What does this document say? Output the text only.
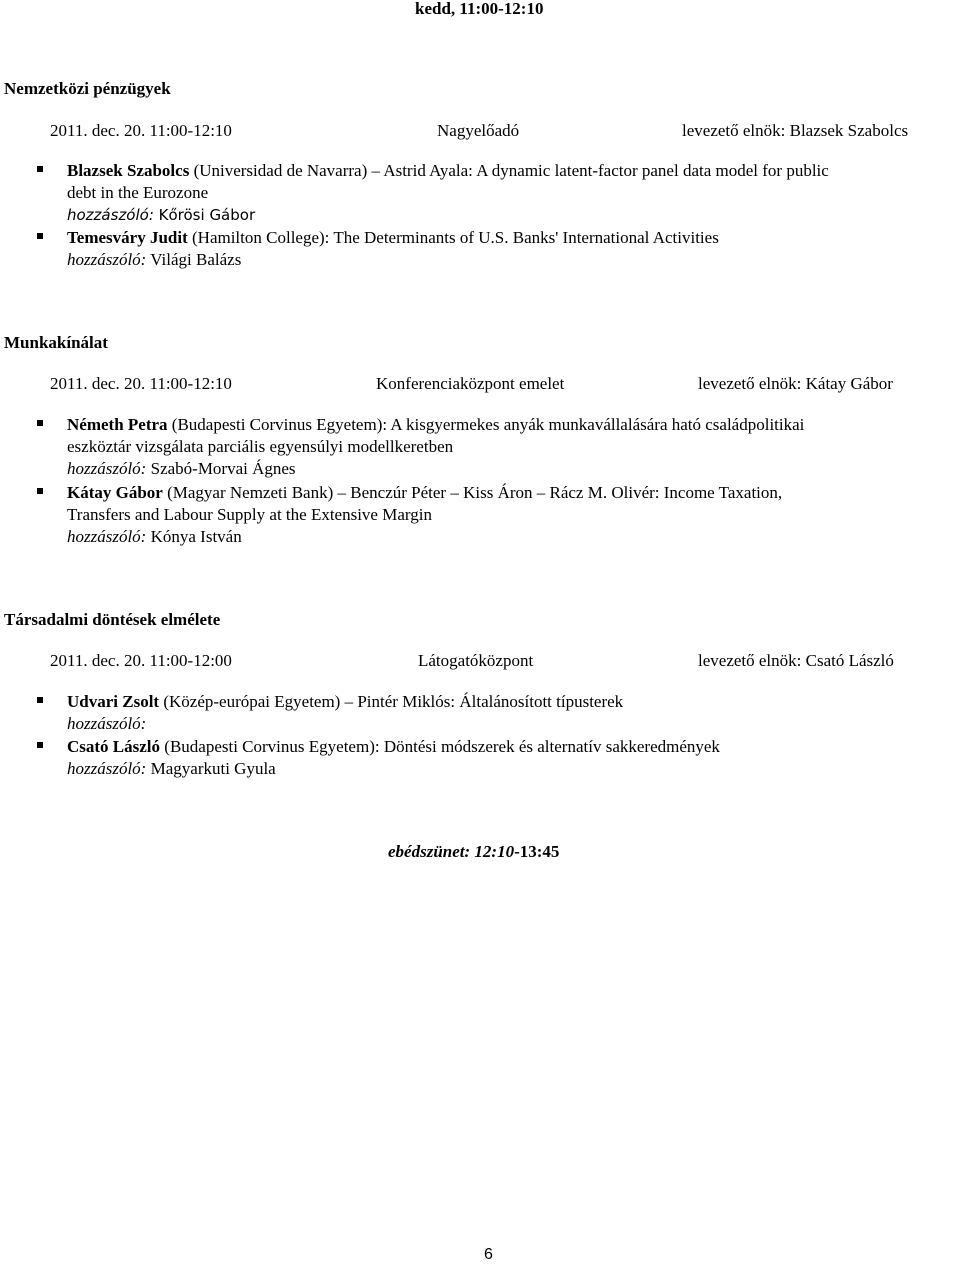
kedd, 11:00-12:10
Nemzetközi pénzügyek
2011. dec. 20. 11:00-12:10	Nagyelőadó	levezető elnök: Blazsek Szabolcs

Blazsek Szabolcs (Universidad de Navarra) – Astrid Ayala: A dynamic latent-factor panel data model for public

debt in the Eurozone

hozzászóló: Kőrösi Gábor

Temesváry Judit (Hamilton College): The Determinants of U.S. Banks' International Activities

hozzászóló: Világi Balázs

Munkakínálat
2011. dec. 20. 11:00-12:10	Konferenciaközpont emelet	levezető elnök: Kátay Gábor

Németh Petra (Budapesti Corvinus Egyetem): A kisgyermekes anyák munkavállalására ható családpolitikai

eszköztár vizsgálata parciális egyensúlyi modellkeretben

hozzászóló: Szabó-Morvai Ágnes

Kátay Gábor (Magyar Nemzeti Bank) – Benczúr Péter – Kiss Áron – Rácz M. Olivér: Income Taxation,

Transfers and Labour Supply at the Extensive Margin

hozzászóló: Kónya István

Társadalmi döntések elmélete
2011. dec. 20. 11:00-12:00	Látogatóközpont	levezető elnök: Csató László

Udvari Zsolt (Közép-európai Egyetem) – Pintér Miklós: Általánosított típusterek

hozzászóló:

Csató László (Budapesti Corvinus Egyetem): Döntési módszerek és alternatív sakkeredmények

hozzászóló: Magyarkuti Gyula

ebédszünet: 12:10-13:45
6
